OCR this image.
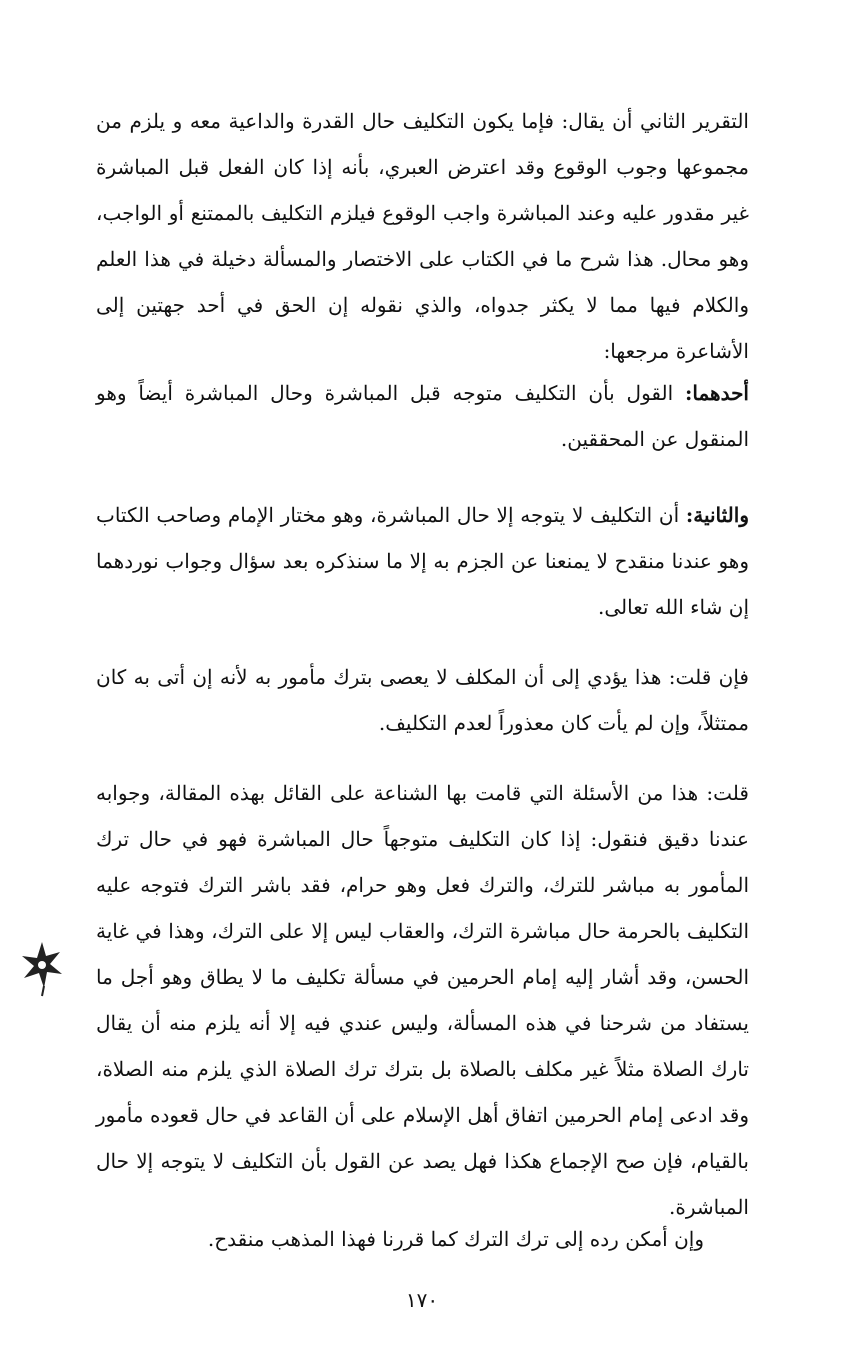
التقرير الثاني أن يقال: فإما يكون التكليف حال القدرة والداعية معه و يلزم من مجموعها وجوب الوقوع وقد اعترض العبري، بأنه إذا كان الفعل قبل المباشرة غير مقدور عليه وعند المباشرة واجب الوقوع فيلزم التكليف بالممتنع أو الواجب، وهو محال. هذا شرح ما في الكتاب على الاختصار والمسألة دخيلة في هذا العلم والكلام فيها مما لا يكثر جدواه، والذي نقوله إن الحق في أحد جهتين إلى الأشاعرة مرجعها:

أحدهما: القول بأن التكليف متوجه قبل المباشرة وحال المباشرة أيضاً وهو المنقول عن المحققين.

والثانية: أن التكليف لا يتوجه إلا حال المباشرة، وهو مختار الإمام وصاحب الكتاب وهو عندنا منقدح لا يمنعنا عن الجزم به إلا ما سنذكره بعد سؤال وجواب نوردهما إن شاء الله تعالى.

فإن قلت: هذا يؤدي إلى أن المكلف لا يعصى بترك مأمور به لأنه إن أتى به كان ممتثلاً، وإن لم يأت كان معذوراً لعدم التكليف.

قلت: هذا من الأسئلة التي قامت بها الشناعة على القائل بهذه المقالة، وجوابه عندنا دقيق فنقول: إذا كان التكليف متوجهاً حال المباشرة فهو في حال ترك المأمور به مباشر للترك، والترك فعل وهو حرام، فقد باشر الترك فتوجه عليه التكليف بالحرمة حال مباشرة الترك، والعقاب ليس إلا على الترك، وهذا في غاية الحسن، وقد أشار إليه إمام الحرمين في مسألة تكليف ما لا يطاق وهو أجل ما يستفاد من شرحنا في هذه المسألة، وليس عندي فيه إلا أنه يلزم منه أن يقال تارك الصلاة مثلاً غير مكلف بالصلاة بل بترك ترك الصلاة الذي يلزم منه الصلاة، وقد ادعى إمام الحرمين اتفاق أهل الإسلام على أن القاعد في حال قعوده مأمور بالقيام، فإن صح الإجماع هكذا فهل يصد عن القول بأن التكليف لا يتوجه إلا حال المباشرة.

وإن أمكن رده إلى ترك الترك كما قررنا فهذا المذهب منقدح.

١٧٠
